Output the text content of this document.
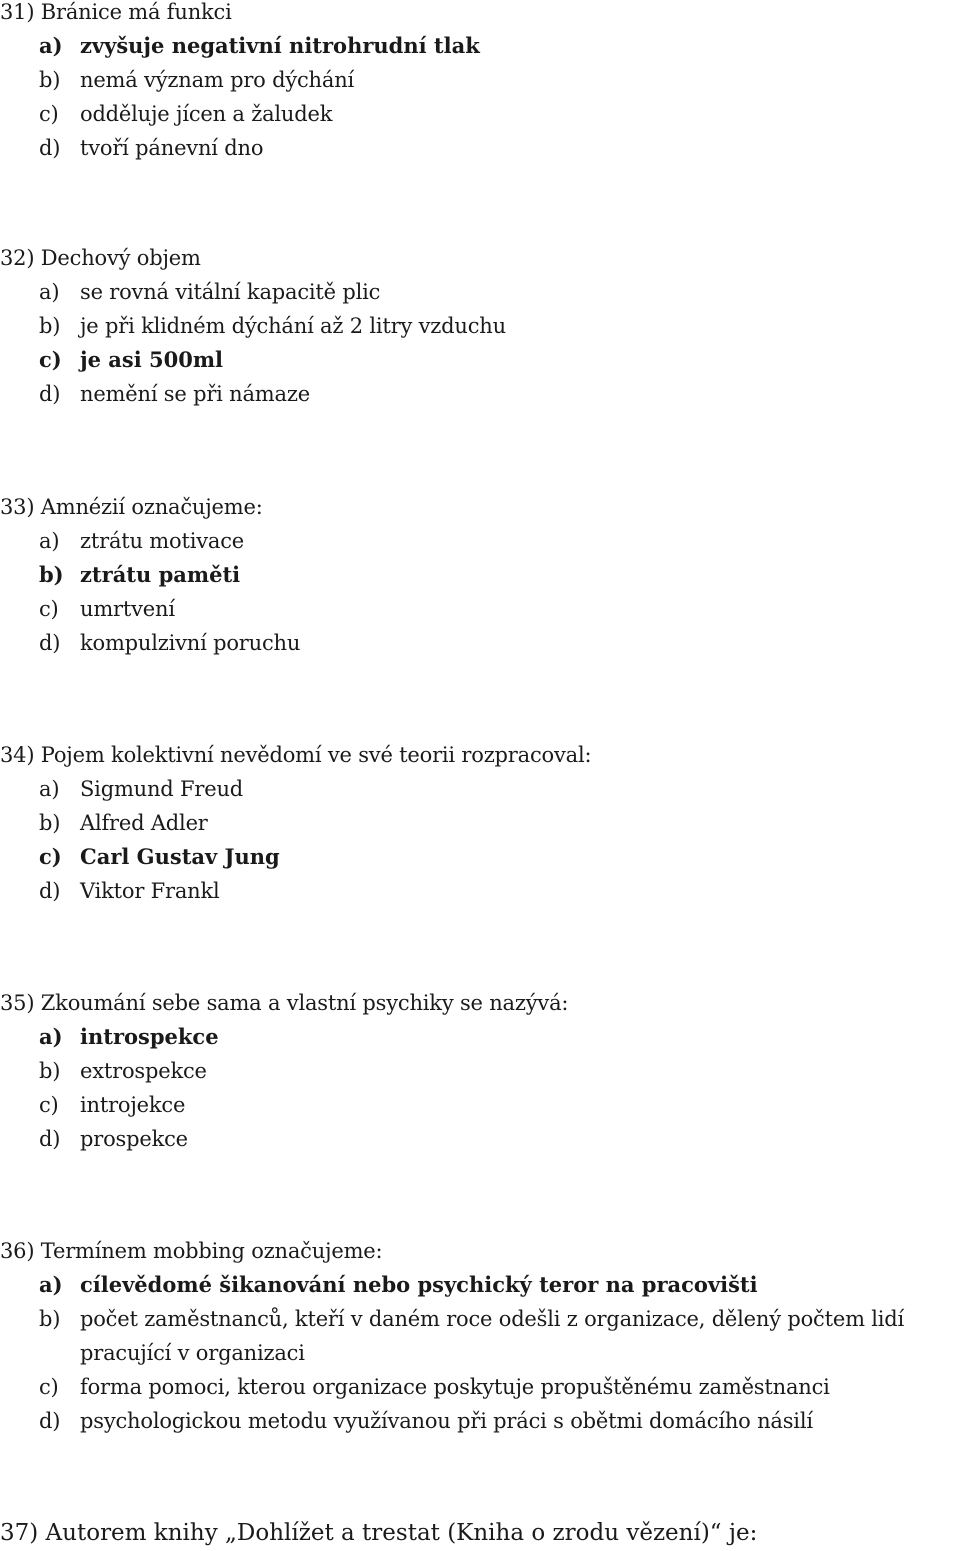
31) Bránice má funkci
a) zvyšuje negativní nitrohrudní tlak
b) nemá význam pro dýchání
c) odděluje jícen a žaludek
d) tvoří pánevní dno
32) Dechový objem
a) se rovná vitální kapacitě plic
b) je při klidném dýchání až 2 litry vzduchu
c) je asi 500ml
d) nemění se při námaze
33) Amnézií označujeme:
a) ztrátu motivace
b) ztrátu paměti
c) umrtvení
d) kompulzivní poruchu
34) Pojem kolektivní nevědomí ve své teorii rozpracoval:
a) Sigmund Freud
b) Alfred Adler
c) Carl Gustav Jung
d) Viktor Frankl
35) Zkoumání sebe sama a vlastní psychiky se nazývá:
a) introspekce
b) extrospekce
c) introjekce
d) prospekce
36) Termínem mobbing označujeme:
a) cílevědomé šikanování nebo psychický teror na pracovišti
b) počet zaměstnanců, kteří v daném roce odešli z organizace, dělený počtem lidí pracující v organizaci
c) forma pomoci, kterou organizace poskytuje propuštěnému zaměstnanci
d) psychologickou metodu využívanou při práci s obětmi domácího násilí
37) Autorem knihy „Dohlížet a trestat (Kniha o zrodu vězení)“ je:
